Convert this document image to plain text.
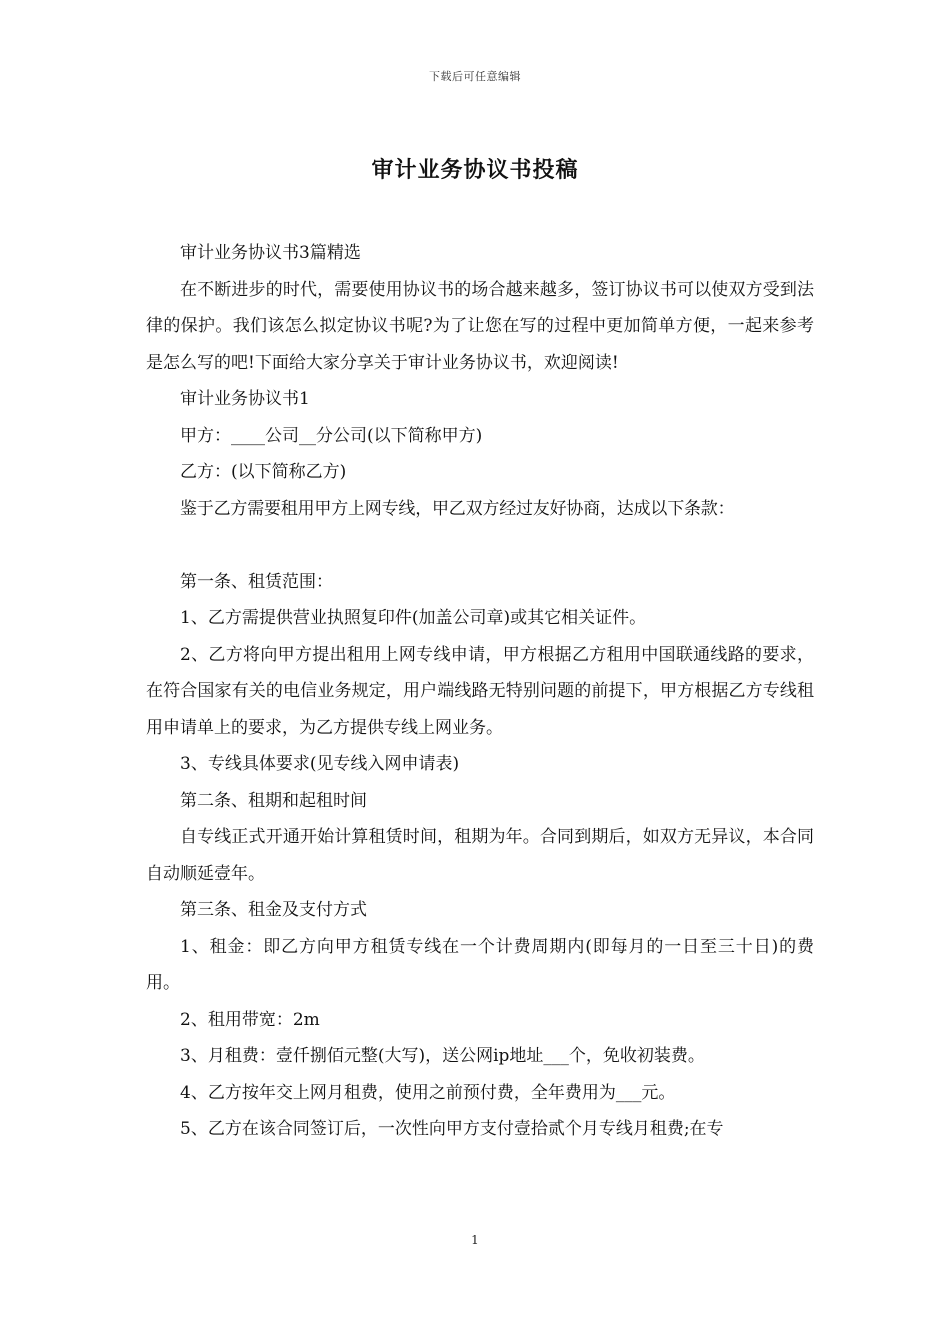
下载后可任意编辑
审计业务协议书投稿

审计业务协议书3篇精选

在不断进步的时代，需要使用协议书的场合越来越多，签订协议书可以使双方受到法律的保护。我们该怎么拟定协议书呢?为了让您在写的过程中更加简单方便，一起来参考是怎么写的吧!下面给大家分享关于审计业务协议书，欢迎阅读!

审计业务协议书1

甲方：____公司__分公司(以下简称甲方)

乙方：(以下简称乙方)

鉴于乙方需要租用甲方上网专线，甲乙双方经过友好协商，达成以下条款：

第一条、租赁范围：

1、乙方需提供营业执照复印件(加盖公司章)或其它相关证件。

2、乙方将向甲方提出租用上网专线申请，甲方根据乙方租用中国联通线路的要求，在符合国家有关的电信业务规定，用户端线路无特别问题的前提下，甲方根据乙方专线租用申请单上的要求，为乙方提供专线上网业务。

3、专线具体要求(见专线入网申请表)

第二条、租期和起租时间

自专线正式开通开始计算租赁时间，租期为年。合同到期后，如双方无异议，本合同自动顺延壹年。

第三条、租金及支付方式

1、租金：即乙方向甲方租赁专线在一个计费周期内(即每月的一日至三十日)的费用。

2、租用带宽：2m

3、月租费：壹仟捌佰元整(大写)，送公网ip地址___个，免收初装费。

4、乙方按年交上网月租费，使用之前预付费，全年费用为___元。

5、乙方在该合同签订后，一次性向甲方支付壹拾贰个月专线月租费;在专

1
